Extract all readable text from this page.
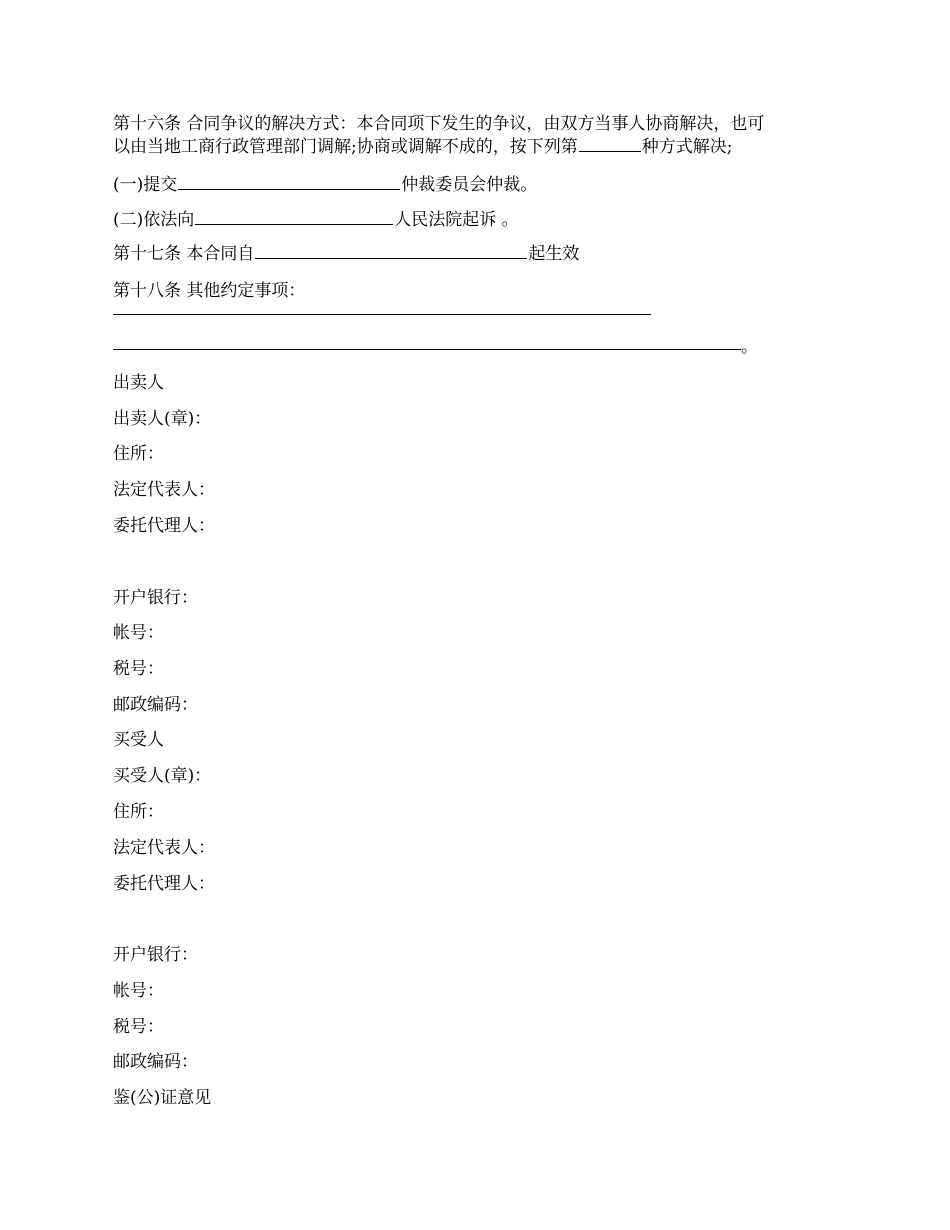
第十六条 合同争议的解决方式：本合同项下发生的争议，由双方当事人协商解决，也可
以由当地工商行政管理部门调解;协商或调解不成的，按下列第	种方式解决;
(一)提交	仲裁委员会仲裁。
(二)依法向	人民法院起诉 。
第十七条 本合同自	起生效
第十八条 其他约定事项：
。
出卖人
出卖人(章)：
住所：
法定代表人：
委托代理人：
开户银行：
帐号：
税号：
邮政编码：
买受人
买受人(章)：
住所：
法定代表人：
委托代理人：
开户银行：
帐号：
税号：
邮政编码：
鉴(公)证意见
